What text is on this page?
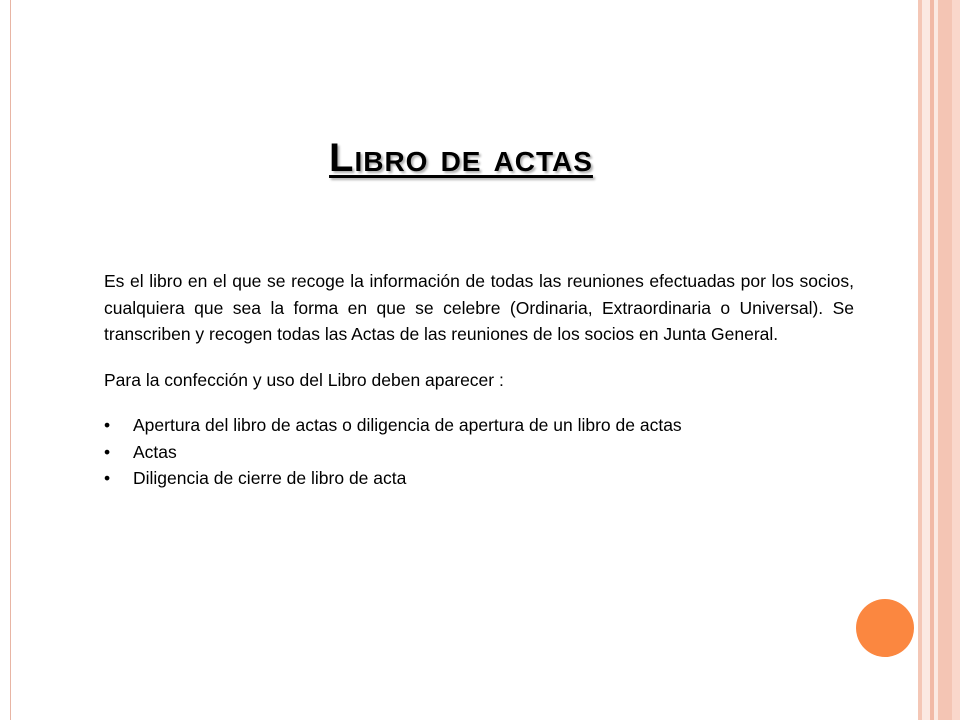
Libro de actas

Es el libro en el que se recoge la información de todas las reuniones efectuadas por los socios, cualquiera que sea la forma en que se celebre (Ordinaria, Extraordinaria o Universal). Se transcriben y recogen todas las Actas de las reuniones de los socios en Junta General.

Para la confección y uso del Libro deben aparecer :

• Apertura del libro de actas o diligencia de apertura de un libro de actas
• Actas
• Diligencia de cierre de libro de acta
